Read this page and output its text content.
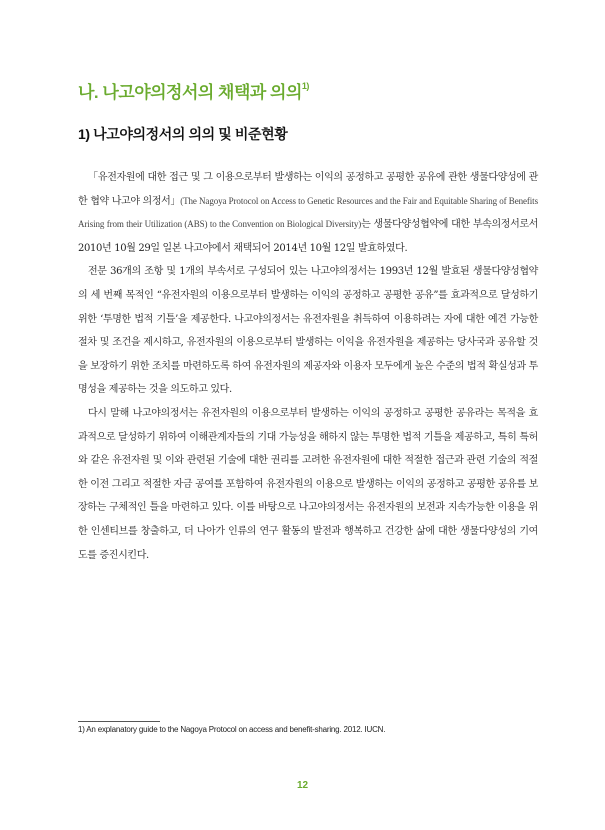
나. 나고야의정서의 채택과 의의$^{1)}$
1) 나고야의정서의 의의 및 비준현황

「유전자원에 대한 접근 및 그 이용으로부터 발생하는 이익의 공정하고 공평한 공유에 관한 생물다양성에 관한 협약 나고야 의정서」(The Nagoya Protocol on Access to Genetic Resources and the Fair and Equitable Sharing of Benefits Arising from their Utilization (ABS) to the Convention on Biological Diversity)는 생물다양성협약에 대한 부속의정서로서 2010년 10월 29일 일본 나고야에서 채택되어 2014년 10월 12일 발효하였다.

전문 36개의 조항 및 1개의 부속서로 구성되어 있는 나고야의정서는 1993년 12월 발효된 생물다양성협약의 세 번째 목적인 “유전자원의 이용으로부터 발생하는 이익의 공정하고 공평한 공유”를 효과적으로 달성하기 위한 ‘투명한 법적 기틀’을 제공한다. 나고야의정서는 유전자원을 취득하여 이용하려는 자에 대한 예견 가능한 절차 및 조건을 제시하고, 유전자원의 이용으로부터 발생하는 이익을 유전자원을 제공하는 당사국과 공유할 것을 보장하기 위한 조치를 마련하도록 하여 유전자원의 제공자와 이용자 모두에게 높은 수준의 법적 확실성과 투명성을 제공하는 것을 의도하고 있다.

다시 말해 나고야의정서는 유전자원의 이용으로부터 발생하는 이익의 공정하고 공평한 공유라는 목적을 효과적으로 달성하기 위하여 이해관계자들의 기대 가능성을 해하지 않는 투명한 법적 기틀을 제공하고, 특히 특허와 같은 유전자원 및 이와 관련된 기술에 대한 권리를 고려한 유전자원에 대한 적절한 접근과 관련 기술의 적절한 이전 그리고 적절한 자금 공여를 포함하여 유전자원의 이용으로 발생하는 이익의 공정하고 공평한 공유를 보장하는 구체적인 틀을 마련하고 있다. 이를 바탕으로 나고야의정서는 유전자원의 보전과 지속가능한 이용을 위한 인센티브를 창출하고, 더 나아가 인류의 연구 활동의 발전과 행복하고 건강한 삶에 대한 생물다양성의 기여도를 증진시킨다.

1) An explanatory guide to the Nagoya Protocol on access and benefit-sharing. 2012. IUCN.
12
